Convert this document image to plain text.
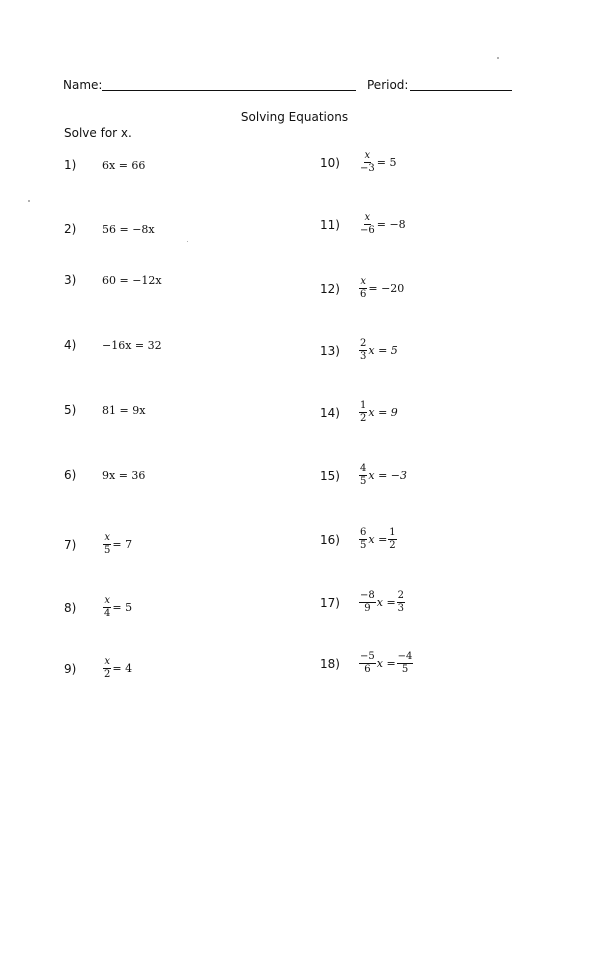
Name:	Period:
Solving Equations
Solve for x.
1)	6x = 66
2)	56 = −8x
3)	60 = −12x
4)	−16x = 32
5)	81 = 9x
6)	9x = 36
7)	$\frac{x}{5} = 7$
8)	$\frac{x}{4} = 5$
9)	$\frac{x}{2} = 4$
10)	$\frac{x}{-3} = 5$
11)	$\frac{x}{-6} = -8$
12)	$\frac{x}{6} = -20$
13)	$\frac{2}{3}$ x = 5
14)	$\frac{1}{2}$ x = 9
15)	$\frac{4}{5}$ x = −3
16)	$\frac{6}{5}$ $x = \frac{1}{2}$
17)	$\frac{-8}{9}$ $x = \frac{2}{3}$
18)	$\frac{-5}{6}$ $x = \frac{-4}{5}$
